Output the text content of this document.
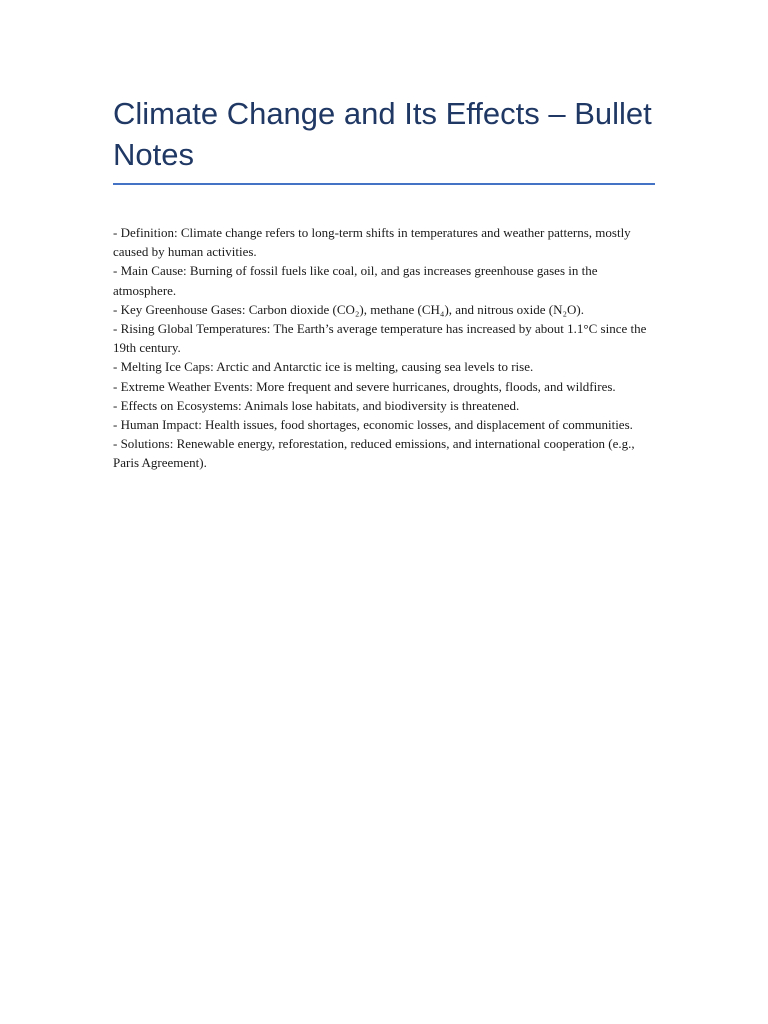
Climate Change and Its Effects – Bullet Notes

- Definition: Climate change refers to long-term shifts in temperatures and weather patterns, mostly caused by human activities.

- Main Cause: Burning of fossil fuels like coal, oil, and gas increases greenhouse gases in the atmosphere.

- Key Greenhouse Gases: Carbon dioxide (CO₂), methane (CH₄), and nitrous oxide (N₂O).

- Rising Global Temperatures: The Earth’s average temperature has increased by about 1.1°C since the 19th century.

- Melting Ice Caps: Arctic and Antarctic ice is melting, causing sea levels to rise.

- Extreme Weather Events: More frequent and severe hurricanes, droughts, floods, and wildfires.

- Effects on Ecosystems: Animals lose habitats, and biodiversity is threatened.

- Human Impact: Health issues, food shortages, economic losses, and displacement of communities.

- Solutions: Renewable energy, reforestation, reduced emissions, and international cooperation (e.g., Paris Agreement).
